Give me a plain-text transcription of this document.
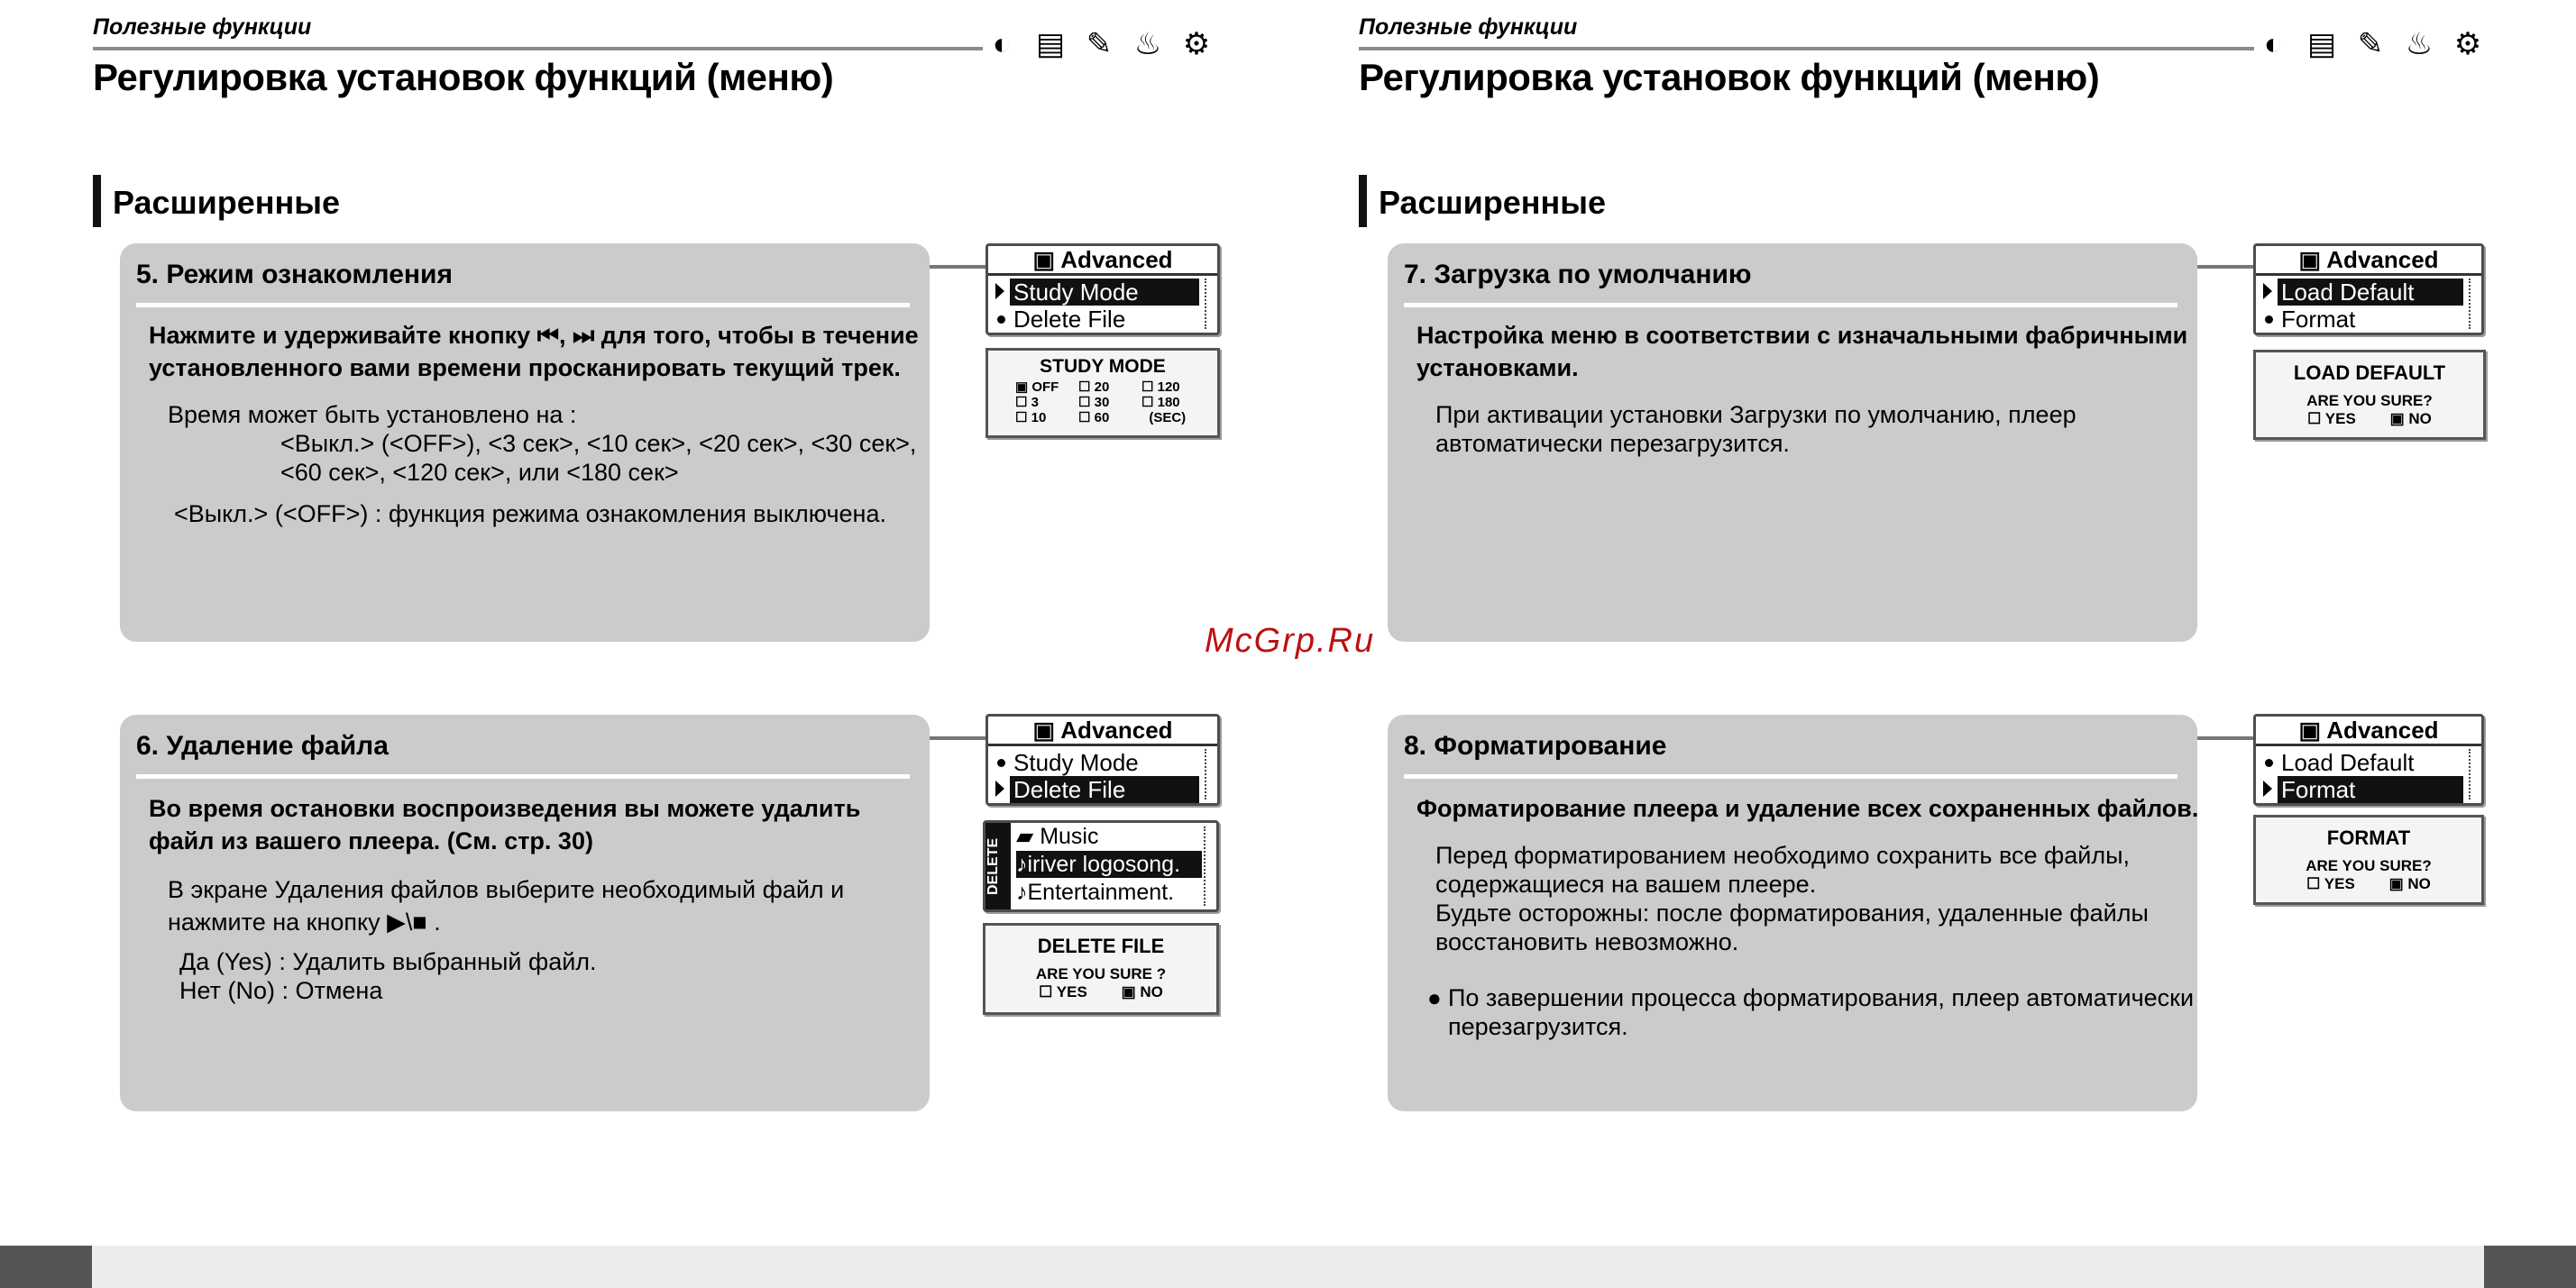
Полезные функции	◐ ▤ ✎ ♨ ⚙
Регулировка установок функций (меню)
Расширенные
5. Режим ознакомления
Нажмите и удерживайте кнопку ⏮, ⏭ для того, чтобы в течение
установленного вами времени просканировать текущий трек.
Время может быть установлено на :
<Выкл.> (<OFF>), <3 сек>, <10 сек>, <20 сек>, <30 сек>,
<60 сек>, <120 сек>, или <180 сек>
<Выкл.> (<OFF>) : функция режима ознакомления выключена.
▣ Advanced
Study Mode
Delete File
STUDY MODE
▣ OFF	☐ 20	☐ 120
☐ 3	☐ 30	☐ 180
☐ 10	☐ 60	(SEC)
6. Удаление файла
Во время остановки воспроизведения вы можете удалить
файл из вашего плеера. (См. стр. 30)
В экране Удаления файлов выберите необходимый файл и
нажмите на кнопку ▶\■ .
Да (Yes) : Удалить выбранный файл.
Нет (No) : Отмена
▣ Advanced
Study Mode
Delete File
DELETE
▰ Music
♪iriver logosong.
♪Entertainment.
DELETE FILE
ARE YOU SURE ?
☐ YES ▣ NO
McGrp.Ru
Полезные функции	◐ ▤ ✎ ♨ ⚙
Регулировка установок функций (меню)
Расширенные
7. Загрузка по умолчанию
Настройка меню в соответствии с изначальными фабричными
установками.
При активации установки Загрузки по умолчанию, плеер
автоматически перезагрузится.
▣ Advanced
Load Default
Format
LOAD DEFAULT
ARE YOU SURE?
☐ YES ▣ NO
8. Форматирование
Форматирование плеера и удаление всех сохраненных файлов.
Перед форматированием необходимо сохранить все файлы,
содержащиеся на вашем плеере.
Будьте осторожны: после форматирования, удаленные файлы
восстановить невозможно.
● По завершении процесса форматирования, плеер автоматически
перезагрузится.
▣ Advanced
Load Default
Format
FORMAT
ARE YOU SURE?
☐ YES ▣ NO
